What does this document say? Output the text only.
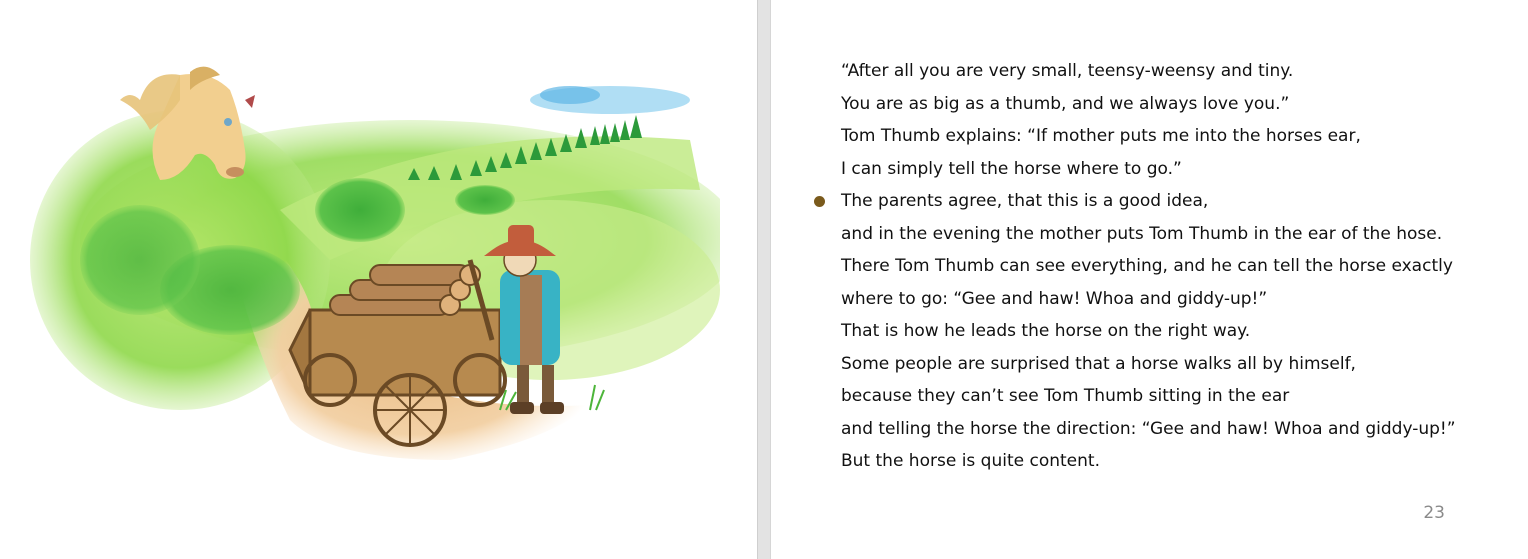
“After all you are very small, teensy-weensy and tiny.
You are as big as a thumb, and we always love you.”
Tom Thumb explains: “If mother puts me into the horses ear,
I can simply tell the horse where to go.”
The parents agree, that this is a good idea,
and in the evening the mother puts Tom Thumb in the ear of the hose.
There Tom Thumb can see everything, and he can tell the horse exactly
where to go: “Gee and haw! Whoa and giddy-up!”
That is how he leads the horse on the right way.
Some people are surprised that a horse walks all by himself,
because they can’t see Tom Thumb sitting in the ear
and telling the horse the direction: “Gee and haw! Whoa and giddy-up!”
But the horse is quite content.
23
